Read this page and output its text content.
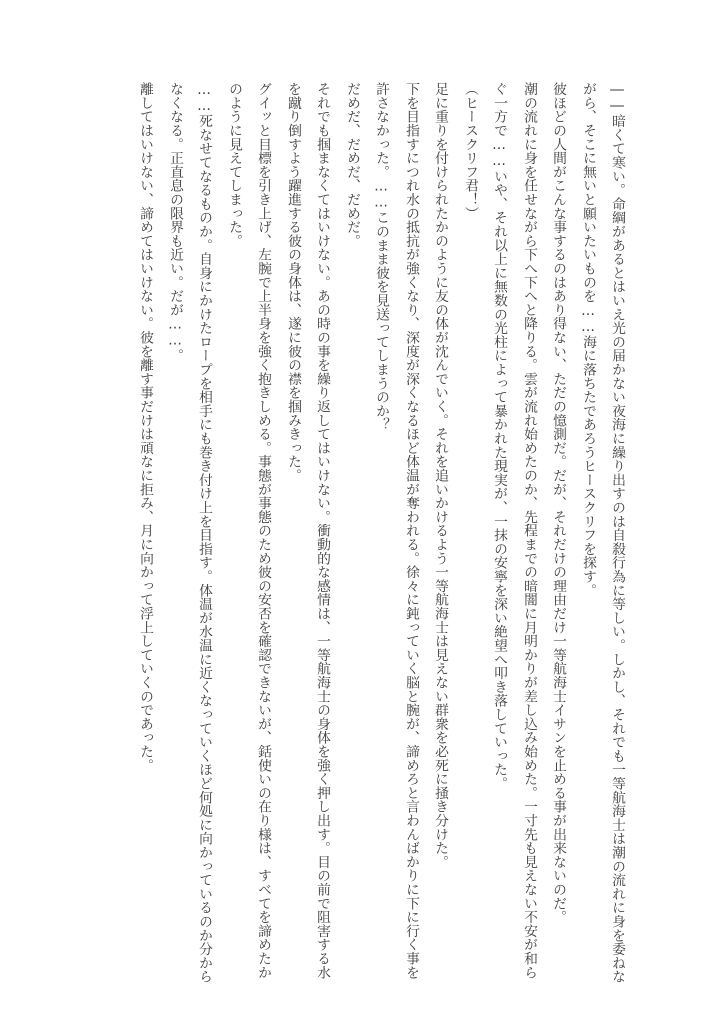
――暗くて寒い。命綱があるとはいえ光の届かない夜海に繰り出すのは自殺行為に等しい。しかし、それでも一等航海士は潮の流れに身を委ねな
がら、そこに無いと願いたいものを……海に落ちたであろうヒースクリフを探す。
彼ほどの人間がこんな事するのはあり得ない、ただの憶測だ。だが、それだけの理由だけ一等航海士イサンを止める事が出来ないのだ。
潮の流れに身を任せながら下へ下へと降りる。雲が流れ始めたのか、先程までの暗闇に月明かりが差し込み始めた。一寸先も見えない不安が和ら
ぐ一方で……いや、それ以上に無数の光柱によって暴かれた現実が、一抹の安寧を深い絶望へ叩き落していった。
（ヒースクリフ君！）
足に重りを付けられたかのように友の体が沈んでいく。それを追いかけるよう一等航海士は見えない群衆を必死に掻き分けた。
下を目指すにつれ水の抵抗が強くなり、深度が深くなるほど体温が奪われる。徐々に鈍っていく脳と腕が、諦めろと言わんばかりに下に行く事を
許さなかった。……このまま彼を見送ってしまうのか？
だめだ、だめだ、だめだ。
それでも掴まなくてはいけない。あの時の事を繰り返してはいけない。衝動的な感情は、一等航海士の身体を強く押し出す。目の前で阻害する水
を蹴り倒すよう躍進する彼の身体は、遂に彼の襟を掴みきった。
グイッと目標を引き上げ、左腕で上半身を強く抱きしめる。事態が事態のため彼の安否を確認できないが、銛使いの在り様は、すべてを諦めたか
のように見えてしまった。
……死なせてなるものか。自身にかけたロープを相手にも巻き付け上を目指す。体温が水温に近くなっていくほど何処に向かっているのか分から
なくなる。正直息の限界も近い。だが……。
離してはいけない、諦めてはいけない。彼を離す事だけは頑なに拒み、月に向かって浮上していくのであった。
